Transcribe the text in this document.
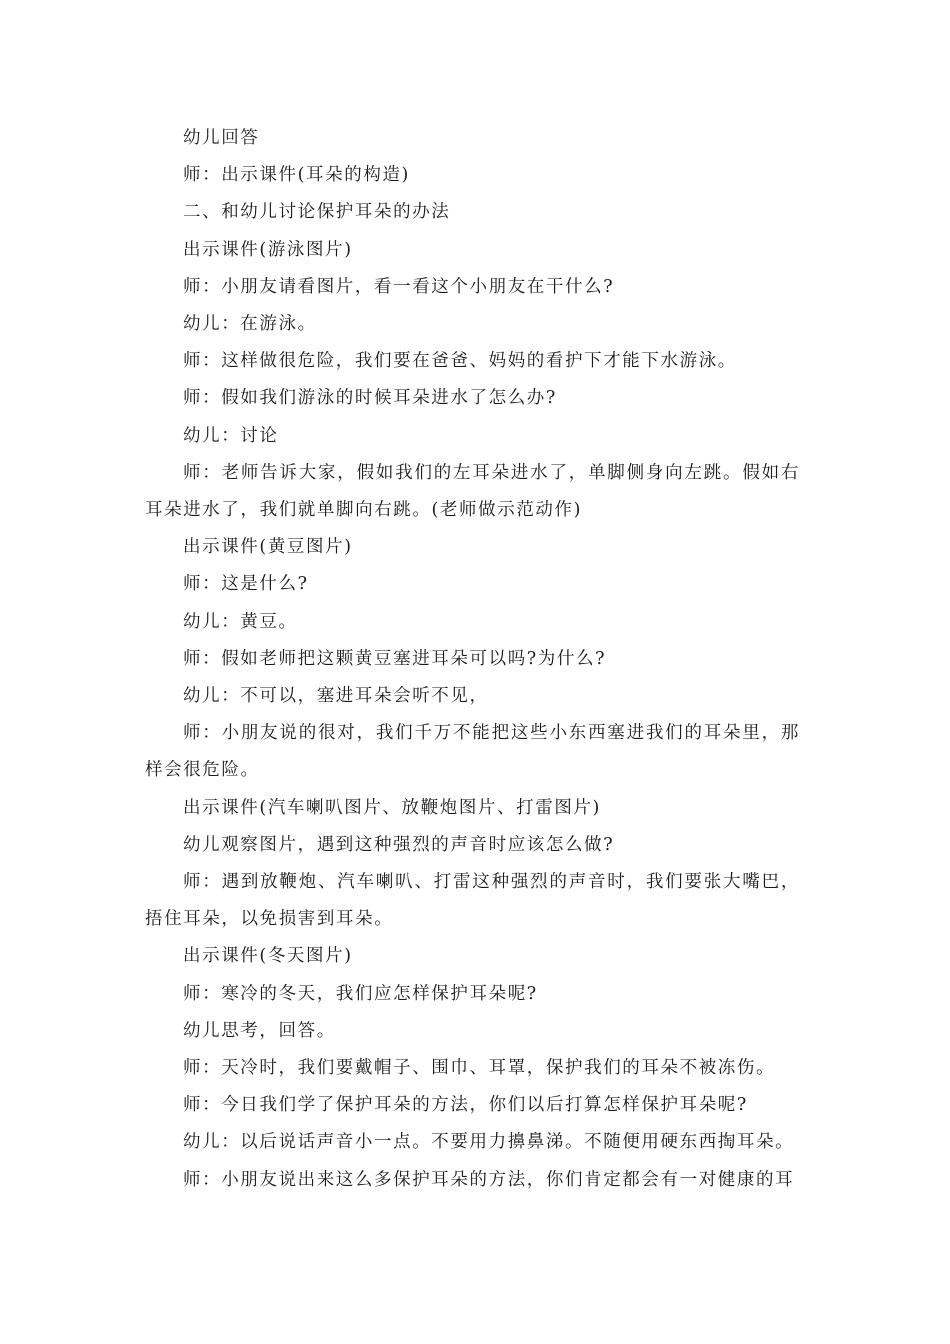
幼儿回答

师：出示课件(耳朵的构造)

二、和幼儿讨论保护耳朵的办法

出示课件(游泳图片)

师：小朋友请看图片，看一看这个小朋友在干什么?

幼儿：在游泳。

师：这样做很危险，我们要在爸爸、妈妈的看护下才能下水游泳。

师：假如我们游泳的时候耳朵进水了怎么办?

幼儿：讨论

师：老师告诉大家，假如我们的左耳朵进水了，单脚侧身向左跳。假如右耳朵进水了，我们就单脚向右跳。(老师做示范动作)

出示课件(黄豆图片)

师：这是什么?

幼儿：黄豆。

师：假如老师把这颗黄豆塞进耳朵可以吗?为什么?

幼儿：不可以，塞进耳朵会听不见，

师：小朋友说的很对，我们千万不能把这些小东西塞进我们的耳朵里，那样会很危险。

出示课件(汽车喇叭图片、放鞭炮图片、打雷图片)

幼儿观察图片，遇到这种强烈的声音时应该怎么做?

师：遇到放鞭炮、汽车喇叭、打雷这种强烈的声音时，我们要张大嘴巴，捂住耳朵，以免损害到耳朵。

出示课件(冬天图片)

师：寒冷的冬天，我们应怎样保护耳朵呢?

幼儿思考，回答。

师：天冷时，我们要戴帽子、围巾、耳罩，保护我们的耳朵不被冻伤。

师：今日我们学了保护耳朵的方法，你们以后打算怎样保护耳朵呢?

幼儿：以后说话声音小一点。不要用力擤鼻涕。不随便用硬东西掏耳朵。

师：小朋友说出来这么多保护耳朵的方法，你们肯定都会有一对健康的耳
